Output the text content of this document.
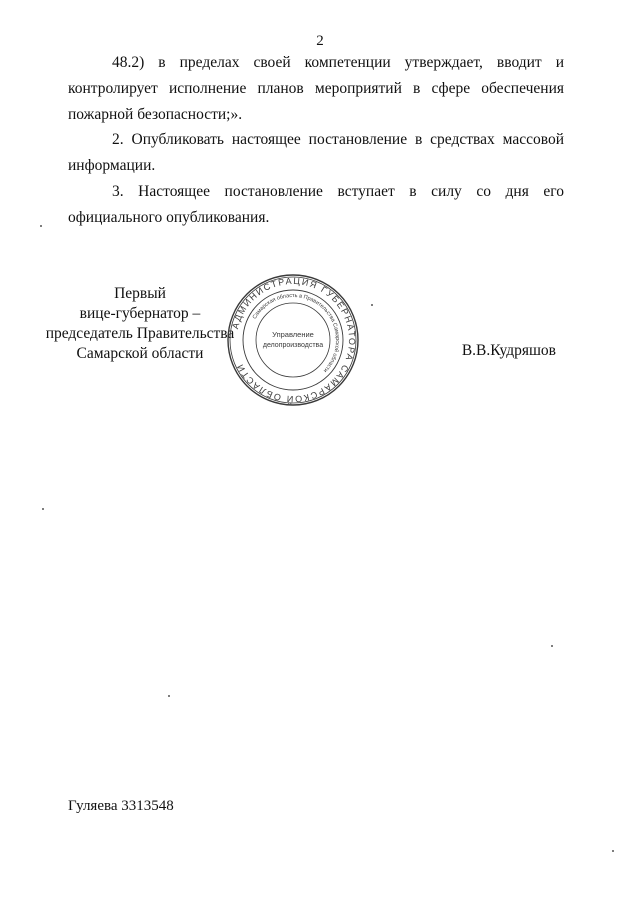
2

48.2) в пределах своей компетенции утверждает, вводит и контролирует исполнение планов мероприятий в сфере обеспечения пожарной безопасности;».

2. Опубликовать настоящее постановление в средствах массовой информации.

3. Настоящее постановление вступает в силу со дня его официального опубликования.

Первый
вице-губернатор –
председатель Правительства
Самарской области
АДМИНИСТРАЦИЯ ГУБЕРНАТОРА САМАРСКОЙ ОБЛАСТИ
Самарская область в Правительства Самарской области
Управление
делопроизводства	В.В.Кудряшов
Гуляева 3313548
